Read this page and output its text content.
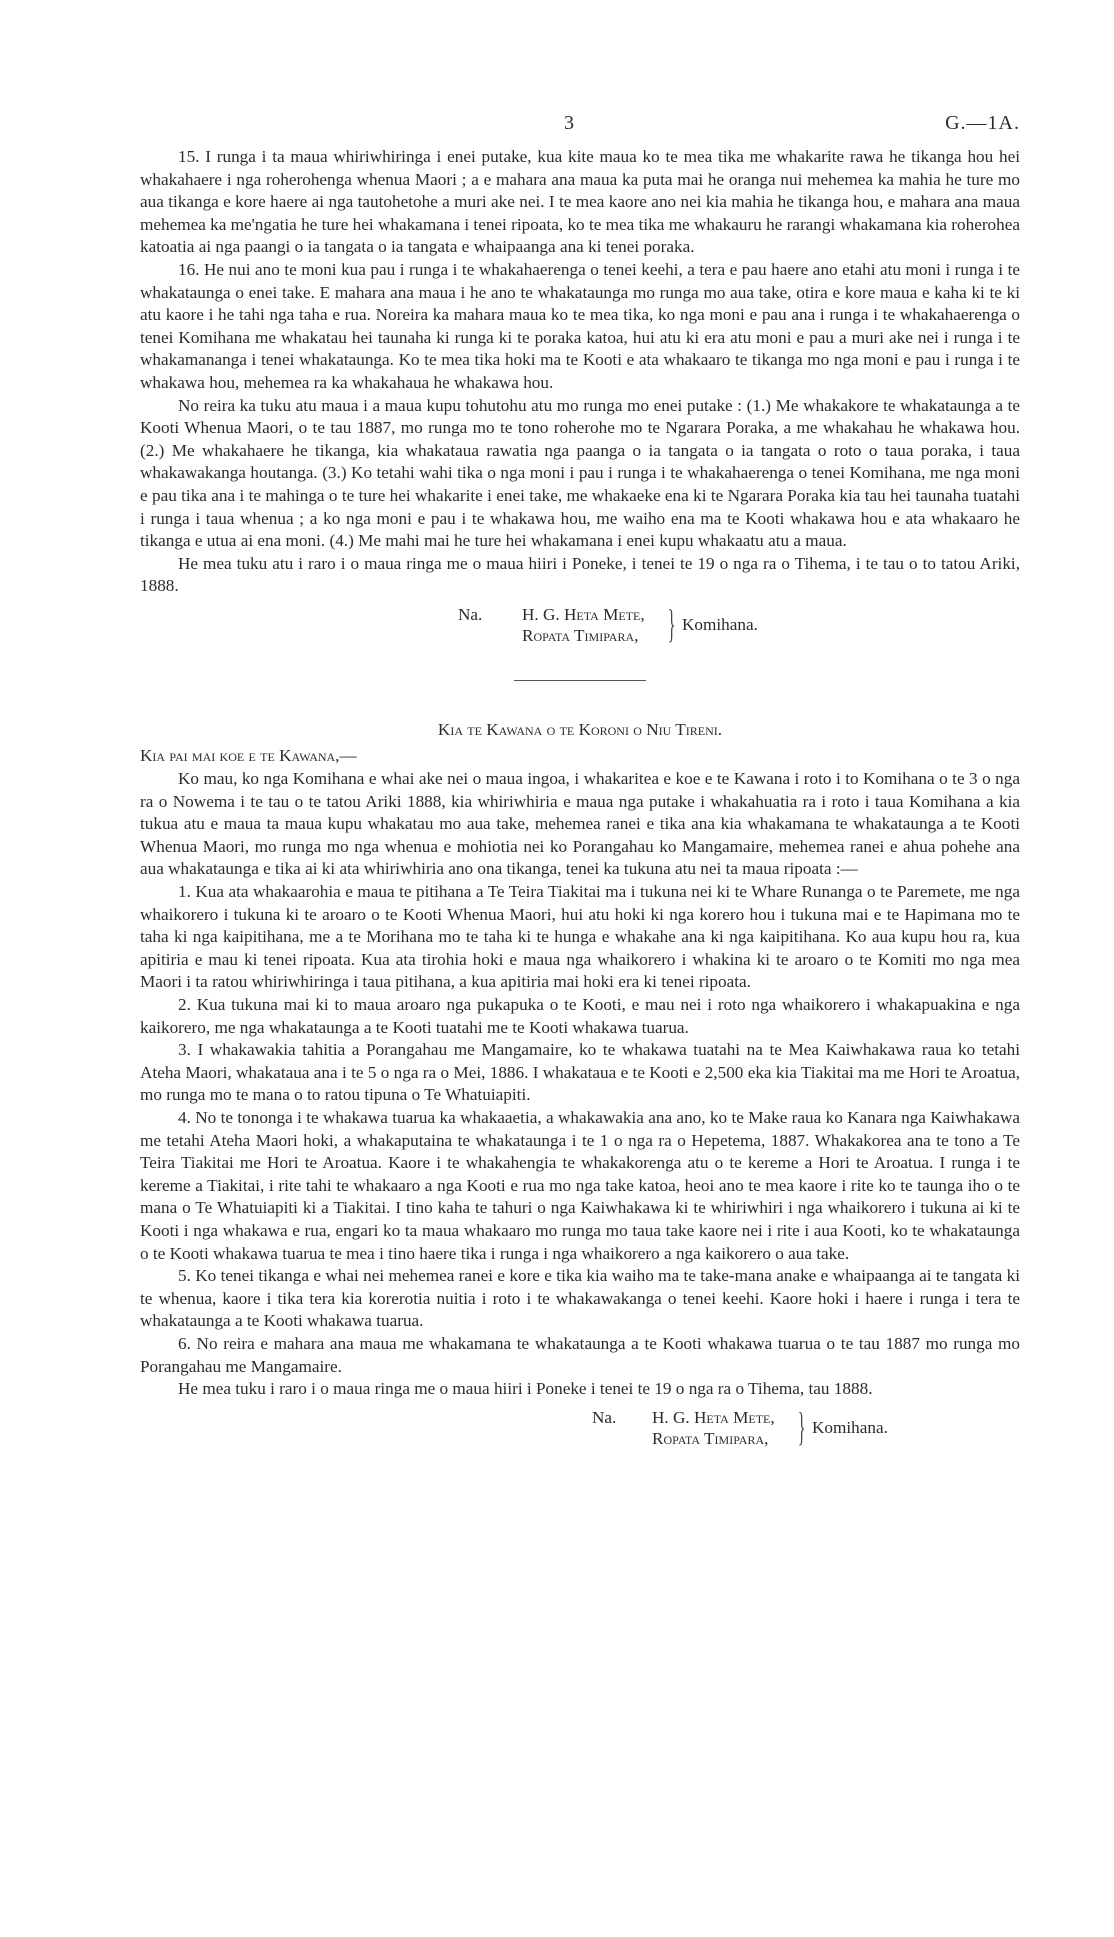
3	G.—1A.

15. I runga i ta maua whiriwhiringa i enei putake, kua kite maua ko te mea tika me whakarite rawa he tikanga hou hei whakahaere i nga roherohenga whenua Maori ; a e mahara ana maua ka puta mai he oranga nui mehemea ka mahia he ture mo aua tikanga e kore haere ai nga tautohetohe a muri ake nei. I te mea kaore ano nei kia mahia he tikanga hou, e mahara ana maua mehemea ka me'ngatia he ture hei whakamana i tenei ripoata, ko te mea tika me whakauru he rarangi whakamana kia roherohea katoatia ai nga paangi o ia tangata o ia tangata e whaipaanga ana ki tenei poraka.

16. He nui ano te moni kua pau i runga i te whakahaerenga o tenei keehi, a tera e pau haere ano etahi atu moni i runga i te whakataunga o enei take. E mahara ana maua i he ano te whakataunga mo runga mo aua take, otira e kore maua e kaha ki te ki atu kaore i he tahi nga taha e rua. Noreira ka mahara maua ko te mea tika, ko nga moni e pau ana i runga i te whakahaerenga o tenei Komihana me whakatau hei taunaha ki runga ki te poraka katoa, hui atu ki era atu moni e pau a muri ake nei i runga i te whakamananga i tenei whakataunga. Ko te mea tika hoki ma te Kooti e ata whakaaro te tikanga mo nga moni e pau i runga i te whakawa hou, mehemea ra ka whakahaua he whakawa hou.

No reira ka tuku atu maua i a maua kupu tohutohu atu mo runga mo enei putake : (1.) Me whakakore te whakataunga a te Kooti Whenua Maori, o te tau 1887, mo runga mo te tono roherohe mo te Ngarara Poraka, a me whakahau he whakawa hou. (2.) Me whakahaere he tikanga, kia whakataua rawatia nga paanga o ia tangata o ia tangata o roto o taua poraka, i taua whakawakanga houtanga. (3.) Ko tetahi wahi tika o nga moni i pau i runga i te whakahaerenga o tenei Komihana, me nga moni e pau tika ana i te mahinga o te ture hei whakarite i enei take, me whakaeke ena ki te Ngarara Poraka kia tau hei taunaha tuatahi i runga i taua whenua ; a ko nga moni e pau i te whakawa hou, me waiho ena ma te Kooti whakawa hou e ata whakaaro he tikanga e utua ai ena moni. (4.) Me mahi mai he ture hei whakamana i enei kupu whakaatu atu a maua.

He mea tuku atu i raro i o maua ringa me o maua hiiri i Poneke, i tenei te 19 o nga ra o Tihema, i te tau o to tatou Ariki, 1888.

Na. H. G. Heta Mete,
Ropata Timipara, } Komihana.
Kia te Kawana o te Koroni o Niu Tireni.

Kia pai mai koe e te Kawana,—

Ko mau, ko nga Komihana e whai ake nei o maua ingoa, i whakaritea e koe e te Kawana i roto i to Komihana o te 3 o nga ra o Nowema i te tau o te tatou Ariki 1888, kia whiriwhiria e maua nga putake i whakahuatia ra i roto i taua Komihana a kia tukua atu e maua ta maua kupu whakatau mo aua take, mehemea ranei e tika ana kia whakamana te whakataunga a te Kooti Whenua Maori, mo runga mo nga whenua e mohiotia nei ko Porangahau ko Mangamaire, mehemea ranei e ahua pohehe ana aua whakataunga e tika ai ki ata whiriwhiria ano ona tikanga, tenei ka tukuna atu nei ta maua ripoata :—

1. Kua ata whakaarohia e maua te pitihana a Te Teira Tiakitai ma i tukuna nei ki te Whare Runanga o te Paremete, me nga whaikorero i tukuna ki te aroaro o te Kooti Whenua Maori, hui atu hoki ki nga korero hou i tukuna mai e te Hapimana mo te taha ki nga kaipitihana, me a te Morihana mo te taha ki te hunga e whakahe ana ki nga kaipitihana. Ko aua kupu hou ra, kua apitiria e mau ki tenei ripoata. Kua ata tirohia hoki e maua nga whaikorero i whakina ki te aroaro o te Komiti mo nga mea Maori i ta ratou whiriwhiringa i taua pitihana, a kua apitiria mai hoki era ki tenei ripoata.

2. Kua tukuna mai ki to maua aroaro nga pukapuka o te Kooti, e mau nei i roto nga whaikorero i whakapuakina e nga kaikorero, me nga whakataunga a te Kooti tuatahi me te Kooti whakawa tuarua.

3. I whakawakia tahitia a Porangahau me Mangamaire, ko te whakawa tuatahi na te Mea Kaiwhakawa raua ko tetahi Ateha Maori, whakataua ana i te 5 o nga ra o Mei, 1886. I whakataua e te Kooti e 2,500 eka kia Tiakitai ma me Hori te Aroatua, mo runga mo te mana o to ratou tipuna o Te Whatuiapiti.

4. No te tononga i te whakawa tuarua ka whakaaetia, a whakawakia ana ano, ko te Make raua ko Kanara nga Kaiwhakawa me tetahi Ateha Maori hoki, a whakaputaina te whakataunga i te 1 o nga ra o Hepetema, 1887. Whakakorea ana te tono a Te Teira Tiakitai me Hori te Aroatua. Kaore i te whakahengia te whakakorenga atu o te kereme a Hori te Aroatua. I runga i te kereme a Tiakitai, i rite tahi te whakaaro a nga Kooti e rua mo nga take katoa, heoi ano te mea kaore i rite ko te taunga iho o te mana o Te Whatuiapiti ki a Tiakitai. I tino kaha te tahuri o nga Kaiwhakawa ki te whiriwhiri i nga whaikorero i tukuna ai ki te Kooti i nga whakawa e rua, engari ko ta maua whakaaro mo runga mo taua take kaore nei i rite i aua Kooti, ko te whakataunga o te Kooti whakawa tuarua te mea i tino haere tika i runga i nga whaikorero a nga kaikorero o aua take.

5. Ko tenei tikanga e whai nei mehemea ranei e kore e tika kia waiho ma te take-mana anake e whaipaanga ai te tangata ki te whenua, kaore i tika tera kia korerotia nuitia i roto i te whakawakanga o tenei keehi. Kaore hoki i haere i runga i tera te whakataunga a te Kooti whakawa tuarua.

6. No reira e mahara ana maua me whakamana te whakataunga a te Kooti whakawa tuarua o te tau 1887 mo runga mo Porangahau me Mangamaire.

He mea tuku i raro i o maua ringa me o maua hiiri i Poneke i tenei te 19 o nga ra o Tihema, tau 1888.

Na. H. G. Heta Mete,
Ropata Timipara, } Komihana.
